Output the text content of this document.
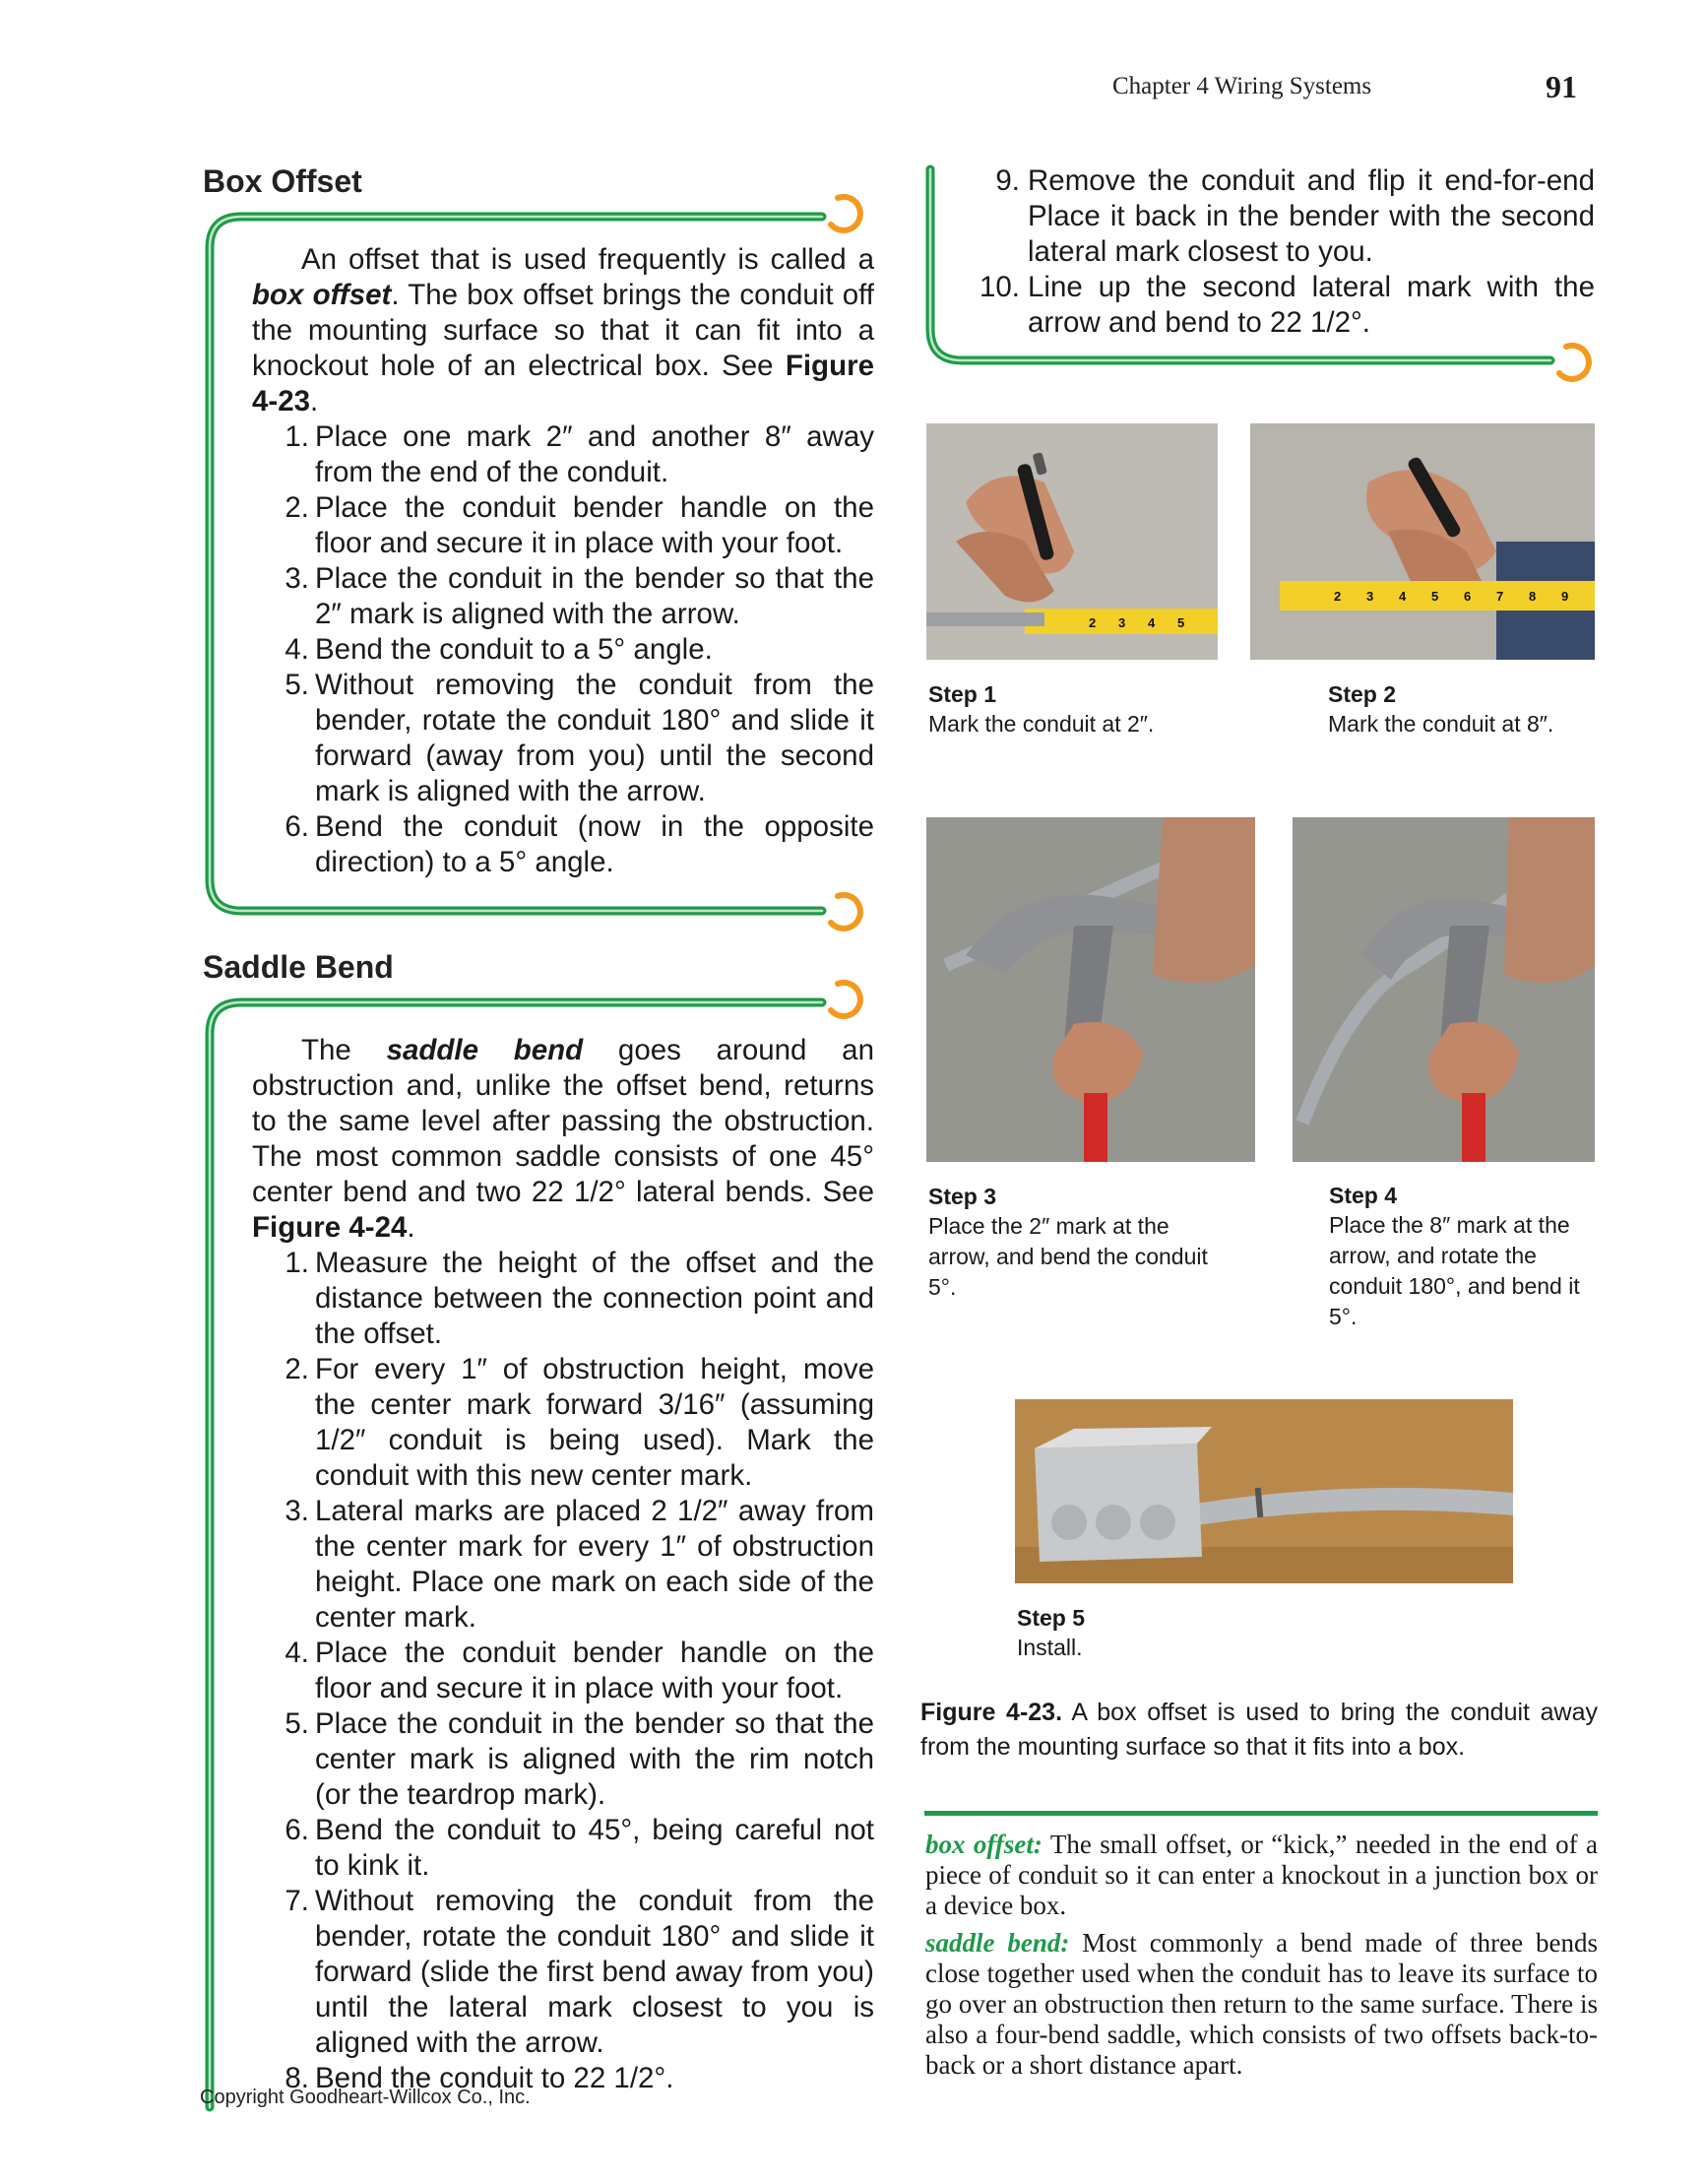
Chapter 4 Wiring Systems	91
Box Offset

An offset that is used frequently is called a box offset. The box offset brings the conduit off the mounting surface so that it can fit into a knockout hole of an electrical box. See Figure 4-23.

1. Place one mark 2″ and another 8″ away from the end of the conduit.
2. Place the conduit bender handle on the floor and secure it in place with your foot.
3. Place the conduit in the bender so that the 2″ mark is aligned with the arrow.
4. Bend the conduit to a 5° angle.
5. Without removing the conduit from the bender, rotate the conduit 180° and slide it forward (away from you) until the second mark is aligned with the arrow.
6. Bend the conduit (now in the opposite direction) to a 5° angle.
Saddle Bend

The saddle bend goes around an obstruction and, unlike the offset bend, returns to the same level after passing the obstruction. The most common saddle consists of one 45° center bend and two 22 1/2° lateral bends. See Figure 4-24.

1. Measure the height of the offset and the distance between the connection point and the offset.
2. For every 1″ of obstruction height, move the center mark forward 3/16″ (assuming 1/2″ conduit is being used). Mark the conduit with this new center mark.
3. Lateral marks are placed 2 1/2″ away from the center mark for every 1″ of obstruction height. Place one mark on each side of the center mark.
4. Place the conduit bender handle on the floor and secure it in place with your foot.
5. Place the conduit in the bender so that the center mark is aligned with the rim notch (or the teardrop mark).
6. Bend the conduit to 45°, being careful not to kink it.
7. Without removing the conduit from the bender, rotate the conduit 180° and slide it forward (slide the first bend away from you) until the lateral mark closest to you is aligned with the arrow.
8. Bend the conduit to 22 1/2°.
9. Remove the conduit and flip it end-for-end Place it back in the bender with the second lateral mark closest to you.
10. Line up the second lateral mark with the arrow and bend to 22 1/2°.
2 3 4 5
2 3 4 5 6 7 8 9
Step 1
Mark the conduit at 2″.
Step 2
Mark the conduit at 8″.
Step 3
Place the 2″ mark at the arrow, and bend the conduit 5°.
Step 4
Place the 8″ mark at the arrow, and rotate the conduit 180°, and bend it 5°.
Step 5
Install.
Figure 4-23. A box offset is used to bring the conduit away from the mounting surface so that it fits into a box.

box offset: The small offset, or “kick,” needed in the end of a piece of conduit so it can enter a knockout in a junction box or a device box.

saddle bend: Most commonly a bend made of three bends close together used when the conduit has to leave its surface to go over an obstruction then return to the same surface. There is also a four-bend saddle, which consists of two offsets back-to-back or a short distance apart.

Copyright Goodheart-Willcox Co., Inc.
